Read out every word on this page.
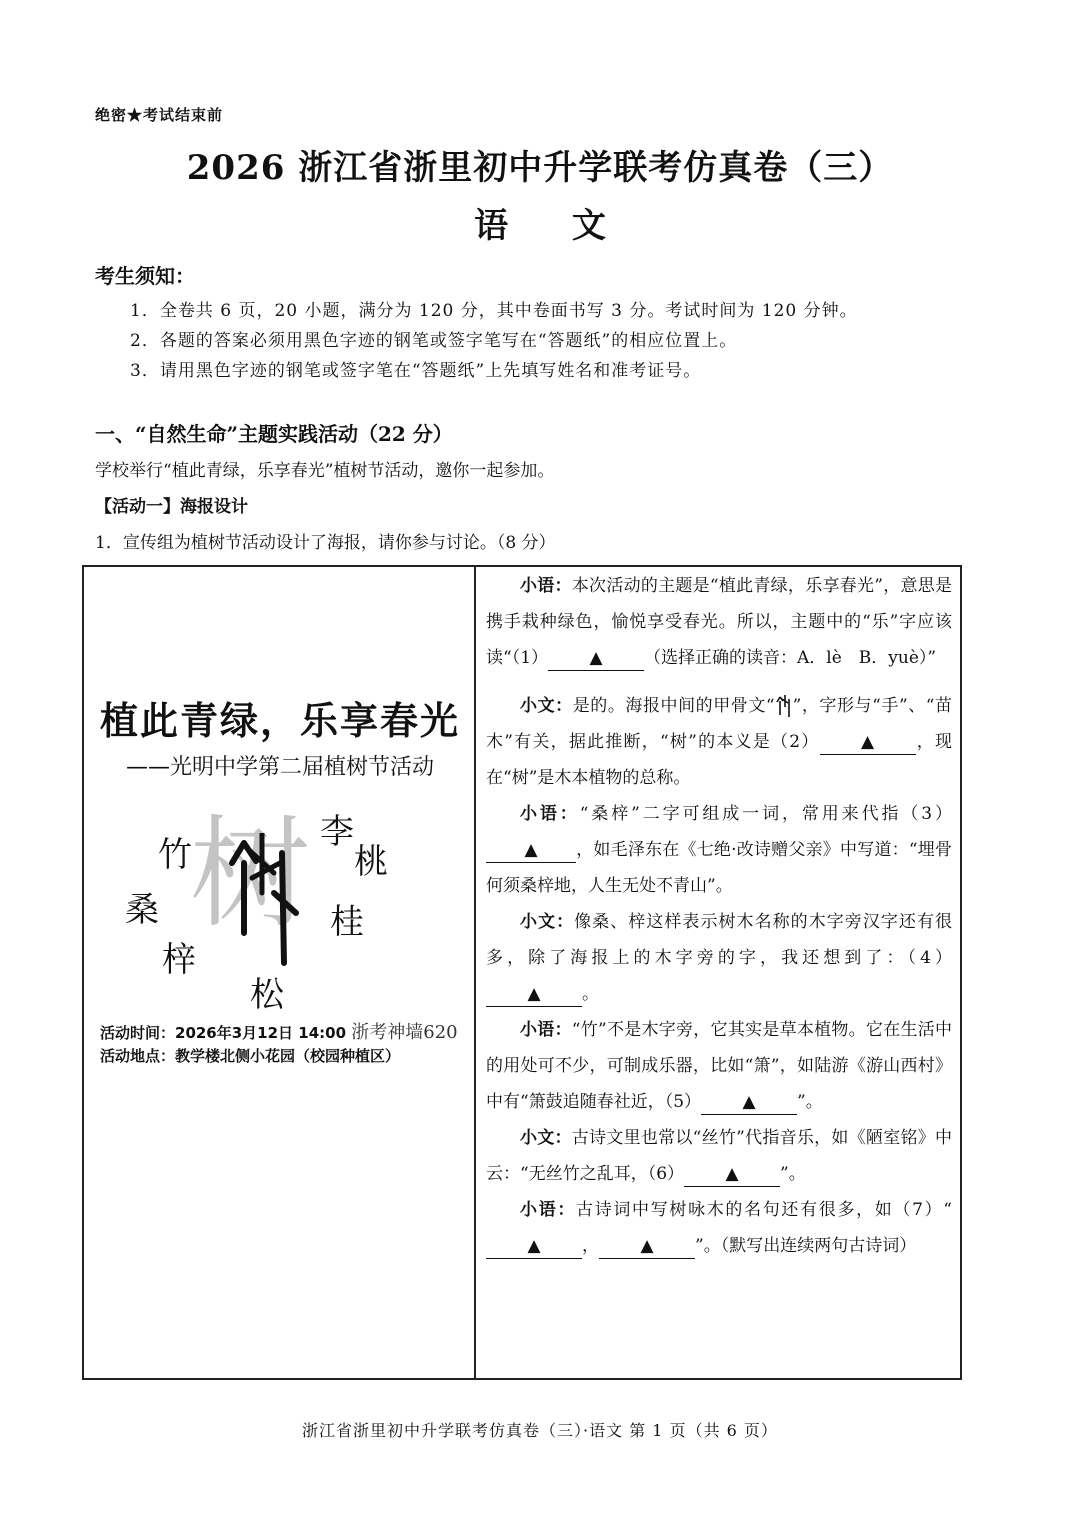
绝密★考试结束前
2026 浙江省浙里初中升学联考仿真卷（三）
语 文
考生须知：
1．全卷共 6 页，20 小题，满分为 120 分，其中卷面书写 3 分。考试时间为 120 分钟。
2．各题的答案必须用黑色字迹的钢笔或签字笔写在“答题纸”的相应位置上。
3．请用黑色字迹的钢笔或签字笔在“答题纸”上先填写姓名和准考证号。
一、“自然生命”主题实践活动（22 分）
学校举行“植此青绿，乐享春光”植树节活动，邀你一起参加。
【活动一】海报设计
1．宣传组为植树节活动设计了海报，请你参与讨论。（8 分）
植此青绿，乐享春光
——光明中学第二届植树节活动
树
竹
李
桃
桑	桂
梓
松
活动时间：2026年3月12日 14:00 浙考神墙620
活动地点：教学楼北侧小花园（校园种植区）

小语：本次活动的主题是“植此青绿，乐享春光”，意思是携手栽种绿色，愉悦享受春光。所以，主题中的“乐”字应该读“（1） ▲ （选择正确的读音：A．lè　B．yuè）”

小文：是的。海报中间的甲骨文“ ”，字形与“手”、“苗木”有关，据此推断，“树”的本义是（2） ▲ ，现在“树”是木本植物的总称。

小语：“桑梓”二字可组成一词，常用来代指（3）▲ ，如毛泽东在《七绝·改诗赠父亲》中写道：“埋骨何须桑梓地，人生无处不青山”。

小文：像桑、梓这样表示树木名称的木字旁汉字还有很多，除了海报上的木字旁的字，我还想到了：（4）▲ 。

小语：“竹”不是木字旁，它其实是草本植物。它在生活中的用处可不少，可制成乐器，比如“箫”，如陆游《游山西村》中有“箫鼓追随春社近，（5） ▲ ”。

小文：古诗文里也常以“丝竹”代指音乐，如《陋室铭》中云：“无丝竹之乱耳，（6） ▲ ”。

小语：古诗词中写树咏木的名句还有很多，如（7）“▲ ， ▲ ”。（默写出连续两句古诗词）

浙江省浙里初中升学联考仿真卷（三）·语文 第 1 页（共 6 页）
